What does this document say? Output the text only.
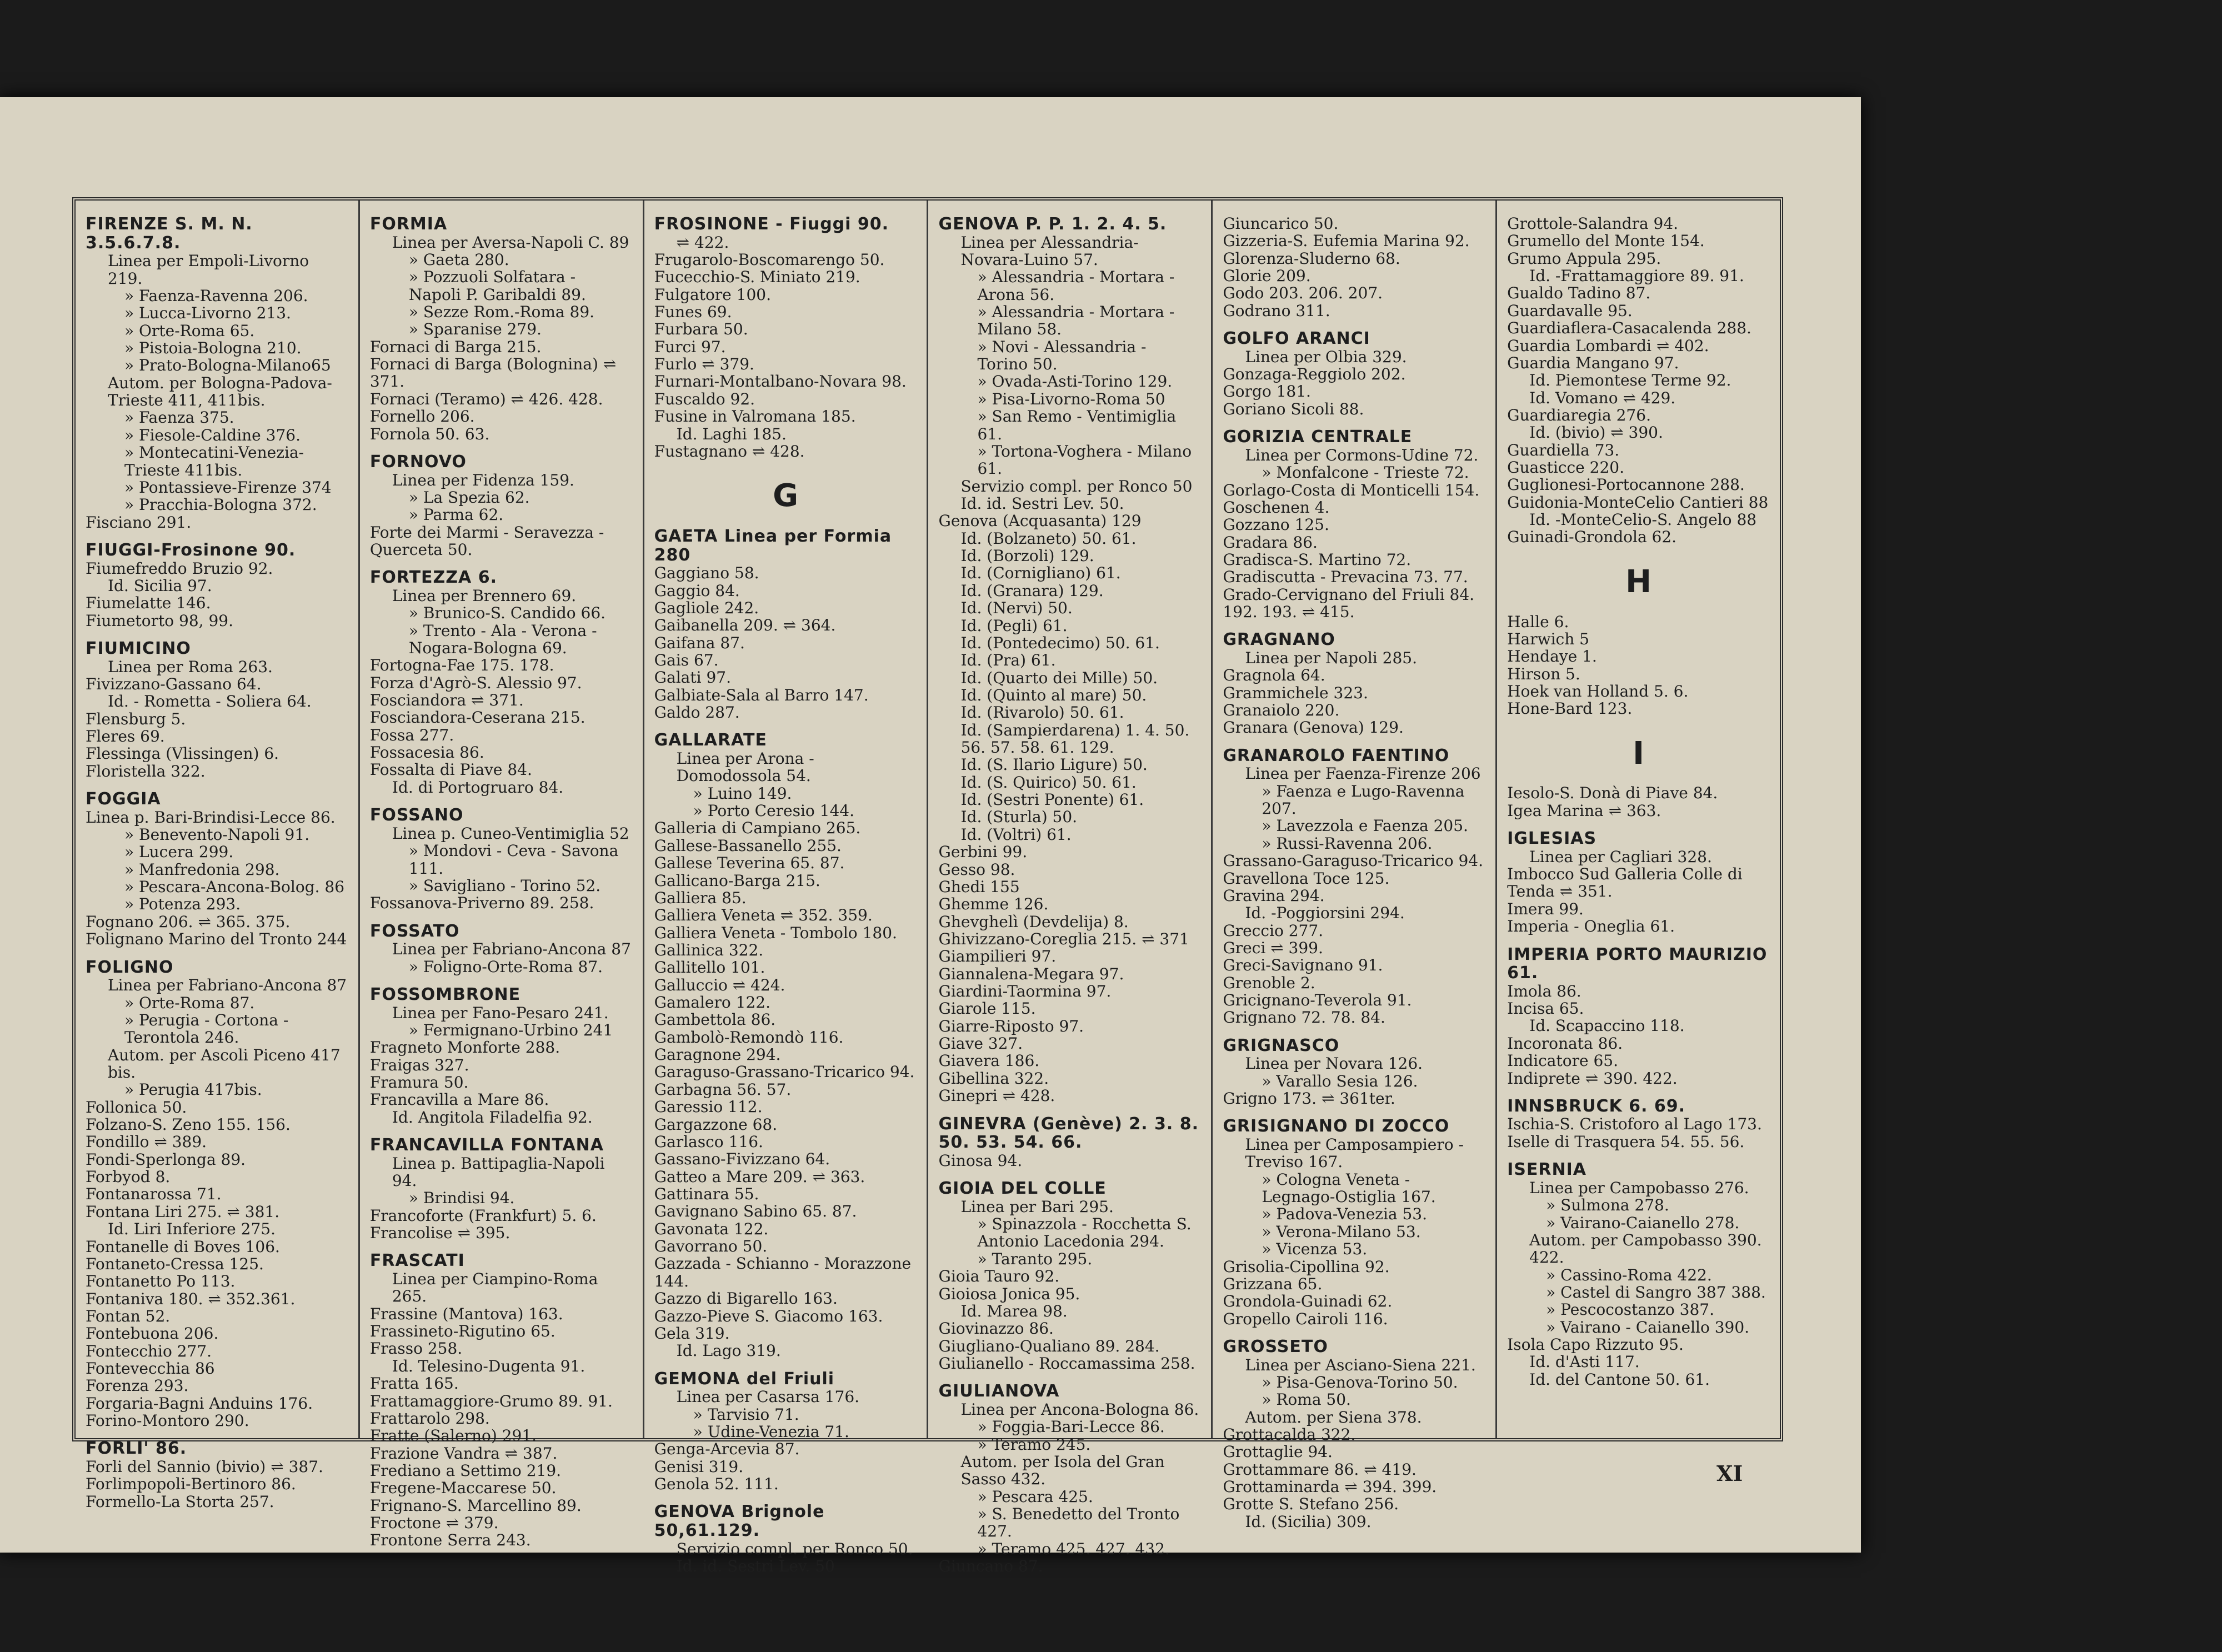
FIRENZE S. M. N. 3.5.6.7.8.
Linea per Empoli-Livorno 219.
» Faenza-Ravenna 206.
» Lucca-Livorno 213.
» Orte-Roma 65.
» Pistoia-Bologna 210.
» Prato-Bologna-Milano65
Autom. per Bologna-Padova-Trieste 411, 411bis.
» Faenza 375.
» Fiesole-Caldine 376.
» Montecatini-Venezia-Trieste 411bis.
» Pontassieve-Firenze 374
» Pracchia-Bologna 372.
Fisciano 291.
FIUGGI-Frosinone 90.
Fiumefreddo Bruzio 92.
Id. Sicilia 97.
Fiumelatte 146.
Fiumetorto 98, 99.
FIUMICINO
Linea per Roma 263.
Fivizzano-Gassano 64.
Id. - Rometta - Soliera 64.
Flensburg 5.
Fleres 69.
Flessinga (Vlissingen) 6.
Floristella 322.
FOGGIA
Linea p. Bari-Brindisi-Lecce 86.
» Benevento-Napoli 91.
» Lucera 299.
» Manfredonia 298.
» Pescara-Ancona-Bolog. 86
» Potenza 293.
Fognano 206. ⇌ 365. 375.
Folignano Marino del Tronto 244
FOLIGNO
Linea per Fabriano-Ancona 87
» Orte-Roma 87.
» Perugia - Cortona - Terontola 246.
Autom. per Ascoli Piceno 417 bis.
» Perugia 417bis.
Follonica 50.
Folzano-S. Zeno 155. 156.
Fondillo ⇌ 389.
Fondi-Sperlonga 89.
Forbyod 8.
Fontanarossa 71.
Fontana Liri 275. ⇌ 381.
Id. Liri Inferiore 275.
Fontanelle di Boves 106.
Fontaneto-Cressa 125.
Fontanetto Po 113.
Fontaniva 180. ⇌ 352.361.
Fontan 52.
Fontebuona 206.
Fontecchio 277.
Fontevecchia 86
Forenza 293.
Forgaria-Bagni Anduins 176.
Forino-Montoro 290.
FORLI' 86.
Forli del Sannio (bivio) ⇌ 387.
Forlimpopoli-Bertinoro 86.
Formello-La Storta 257.
FORMIA
Linea per Aversa-Napoli C. 89
» Gaeta 280.
» Pozzuoli Solfatara - Napoli P. Garibaldi 89.
» Sezze Rom.-Roma 89.
» Sparanise 279.
Fornaci di Barga 215.
Fornaci di Barga (Bolognina) ⇌ 371.
Fornaci (Teramo) ⇌ 426. 428.
Fornello 206.
Fornola 50. 63.
FORNOVO
Linea per Fidenza 159.
» La Spezia 62.
» Parma 62.
Forte dei Marmi - Seravezza - Querceta 50.
FORTEZZA 6.
Linea per Brennero 69.
» Brunico-S. Candido 66.
» Trento - Ala - Verona - Nogara-Bologna 69.
Fortogna-Fae 175. 178.
Forza d'Agrò-S. Alessio 97.
Fosciandora ⇌ 371.
Fosciandora-Ceserana 215.
Fossa 277.
Fossacesia 86.
Fossalta di Piave 84.
Id. di Portogruaro 84.
FOSSANO
Linea p. Cuneo-Ventimiglia 52
» Mondovi - Ceva - Savona 111.
» Savigliano - Torino 52.
Fossanova-Priverno 89. 258.
FOSSATO
Linea per Fabriano-Ancona 87
» Foligno-Orte-Roma 87.
FOSSOMBRONE
Linea per Fano-Pesaro 241.
» Fermignano-Urbino 241
Fragneto Monforte 288.
Fraigas 327.
Framura 50.
Francavilla a Mare 86.
Id. Angitola Filadelfia 92.
FRANCAVILLA FONTANA
Linea p. Battipaglia-Napoli 94.
» Brindisi 94.
Francoforte (Frankfurt) 5. 6.
Francolise ⇌ 395.
FRASCATI
Linea per Ciampino-Roma 265.
Frassine (Mantova) 163.
Frassineto-Rigutino 65.
Frasso 258.
Id. Telesino-Dugenta 91.
Fratta 165.
Frattamaggiore-Grumo 89. 91.
Frattarolo 298.
Fratte (Salerno) 291.
Frazione Vandra ⇌ 387.
Frediano a Settimo 219.
Fregene-Maccarese 50.
Frignano-S. Marcellino 89.
Froctone ⇌ 379.
Frontone Serra 243.
FROSINONE - Fiuggi 90.
⇌ 422.
Frugarolo-Boscomarengo 50.
Fucecchio-S. Miniato 219.
Fulgatore 100.
Funes 69.
Furbara 50.
Furci 97.
Furlo ⇌ 379.
Furnari-Montalbano-Novara 98.
Fuscaldo 92.
Fusine in Valromana 185.
Id. Laghi 185.
Fustagnano ⇌ 428.
G
GAETA Linea per Formia 280
Gaggiano 58.
Gaggio 84.
Gagliole 242.
Gaibanella 209. ⇌ 364.
Gaifana 87.
Gais 67.
Galati 97.
Galbiate-Sala al Barro 147.
Galdo 287.
GALLARATE
Linea per Arona - Domodossola 54.
» Luino 149.
» Porto Ceresio 144.
Galleria di Campiano 265.
Gallese-Bassanello 255.
Gallese Teverina 65. 87.
Gallicano-Barga 215.
Galliera 85.
Galliera Veneta ⇌ 352. 359.
Galliera Veneta - Tombolo 180.
Gallinica 322.
Gallitello 101.
Galluccio ⇌ 424.
Gamalero 122.
Gambettola 86.
Gambolò-Remondò 116.
Garagnone 294.
Garaguso-Grassano-Tricarico 94.
Garbagna 56. 57.
Garessio 112.
Gargazzone 68.
Garlasco 116.
Gassano-Fivizzano 64.
Gatteo a Mare 209. ⇌ 363.
Gattinara 55.
Gavignano Sabino 65. 87.
Gavonata 122.
Gavorrano 50.
Gazzada - Schianno - Morazzone 144.
Gazzo di Bigarello 163.
Gazzo-Pieve S. Giacomo 163.
Gela 319.
Id. Lago 319.
GEMONA del Friuli
Linea per Casarsa 176.
» Tarvisio 71.
» Udine-Venezia 71.
Genga-Arcevia 87.
Genisi 319.
Genola 52. 111.
GENOVA Brignole 50,61.129.
Servizio compl. per Ronco 50.
Id. id. Sestri Lev. 50
GENOVA P. P. 1. 2. 4. 5.
Linea per Alessandria-Novara-Luino 57.
» Alessandria - Mortara - Arona 56.
» Alessandria - Mortara - Milano 58.
» Novi - Alessandria - Torino 50.
» Ovada-Asti-Torino 129.
» Pisa-Livorno-Roma 50
» San Remo - Ventimiglia 61.
» Tortona-Voghera - Milano 61.
Servizio compl. per Ronco 50
Id. id. Sestri Lev. 50.
Genova (Acquasanta) 129
Id. (Bolzaneto) 50. 61.
Id. (Borzoli) 129.
Id. (Cornigliano) 61.
Id. (Granara) 129.
Id. (Nervi) 50.
Id. (Pegli) 61.
Id. (Pontedecimo) 50. 61.
Id. (Pra) 61.
Id. (Quarto dei Mille) 50.
Id. (Quinto al mare) 50.
Id. (Rivarolo) 50. 61.
Id. (Sampierdarena) 1. 4. 50. 56. 57. 58. 61. 129.
Id. (S. Ilario Ligure) 50.
Id. (S. Quirico) 50. 61.
Id. (Sestri Ponente) 61.
Id. (Sturla) 50.
Id. (Voltri) 61.
Gerbini 99.
Gesso 98.
Ghedi 155
Ghemme 126.
Ghevghelì (Devdelija) 8.
Ghivizzano-Coreglia 215. ⇌ 371
Giampilieri 97.
Giannalena-Megara 97.
Giardini-Taormina 97.
Giarole 115.
Giarre-Riposto 97.
Giave 327.
Giavera 186.
Gibellina 322.
Ginepri ⇌ 428.
GINEVRA (Genève) 2. 3. 8. 50. 53. 54. 66.
Ginosa 94.
GIOIA DEL COLLE
Linea per Bari 295.
» Spinazzola - Rocchetta S. Antonio Lacedonia 294.
» Taranto 295.
Gioia Tauro 92.
Gioiosa Jonica 95.
Id. Marea 98.
Giovinazzo 86.
Giugliano-Qualiano 89. 284.
Giulianello - Roccamassima 258.
GIULIANOVA
Linea per Ancona-Bologna 86.
» Foggia-Bari-Lecce 86.
» Teramo 245.
Autom. per Isola del Gran Sasso 432.
» Pescara 425.
» S. Benedetto del Tronto 427.
» Teramo 425. 427. 432.
Giuncano 87.
Giuncarico 50.
Gizzeria-S. Eufemia Marina 92.
Glorenza-Sluderno 68.
Glorie 209.
Godo 203. 206. 207.
Godrano 311.
GOLFO ARANCI
Linea per Olbia 329.
Gonzaga-Reggiolo 202.
Gorgo 181.
Goriano Sicoli 88.
GORIZIA CENTRALE
Linea per Cormons-Udine 72.
» Monfalcone - Trieste 72.
Gorlago-Costa di Monticelli 154.
Goschenen 4.
Gozzano 125.
Gradara 86.
Gradisca-S. Martino 72.
Gradiscutta - Prevacina 73. 77.
Grado-Cervignano del Friuli 84. 192. 193. ⇌ 415.
GRAGNANO
Linea per Napoli 285.
Gragnola 64.
Grammichele 323.
Granaiolo 220.
Granara (Genova) 129.
GRANAROLO FAENTINO
Linea per Faenza-Firenze 206
» Faenza e Lugo-Ravenna 207.
» Lavezzola e Faenza 205.
» Russi-Ravenna 206.
Grassano-Garaguso-Tricarico 94.
Gravellona Toce 125.
Gravina 294.
Id. -Poggiorsini 294.
Greccio 277.
Greci ⇌ 399.
Greci-Savignano 91.
Grenoble 2.
Gricignano-Teverola 91.
Grignano 72. 78. 84.
GRIGNASCO
Linea per Novara 126.
» Varallo Sesia 126.
Grigno 173. ⇌ 361ter.
GRISIGNANO DI ZOCCO
Linea per Camposampiero - Treviso 167.
» Cologna Veneta - Legnago-Ostiglia 167.
» Padova-Venezia 53.
» Verona-Milano 53.
» Vicenza 53.
Grisolia-Cipollina 92.
Grizzana 65.
Grondola-Guinadi 62.
Gropello Cairoli 116.
GROSSETO
Linea per Asciano-Siena 221.
» Pisa-Genova-Torino 50.
» Roma 50.
Autom. per Siena 378.
Grottacalda 322.
Grottaglie 94.
Grottammare 86. ⇌ 419.
Grottaminarda ⇌ 394. 399.
Grotte S. Stefano 256.
Id. (Sicilia) 309.
Grottole-Salandra 94.
Grumello del Monte 154.
Grumo Appula 295.
Id. -Frattamaggiore 89. 91.
Gualdo Tadino 87.
Guardavalle 95.
Guardiaflera-Casacalenda 288.
Guardia Lombardi ⇌ 402.
Guardia Mangano 97.
Id. Piemontese Terme 92.
Id. Vomano ⇌ 429.
Guardiaregia 276.
Id. (bivio) ⇌ 390.
Guardiella 73.
Guasticce 220.
Guglionesi-Portocannone 288.
Guidonia-MonteCelio Cantieri 88
Id. -MonteCelio-S. Angelo 88
Guinadi-Grondola 62.
H
Halle 6.
Harwich 5
Hendaye 1.
Hirson 5.
Hoek van Holland 5. 6.
Hone-Bard 123.
I
Iesolo-S. Donà di Piave 84.
Igea Marina ⇌ 363.
IGLESIAS
Linea per Cagliari 328.
Imbocco Sud Galleria Colle di Tenda ⇌ 351.
Imera 99.
Imperia - Oneglia 61.
IMPERIA PORTO MAURIZIO 61.
Imola 86.
Incisa 65.
Id. Scapaccino 118.
Incoronata 86.
Indicatore 65.
Indiprete ⇌ 390. 422.
INNSBRUCK 6. 69.
Ischia-S. Cristoforo al Lago 173.
Iselle di Trasquera 54. 55. 56.
ISERNIA
Linea per Campobasso 276.
» Sulmona 278.
» Vairano-Caianello 278.
Autom. per Campobasso 390. 422.
» Cassino-Roma 422.
» Castel di Sangro 387 388.
» Pescocostanzo 387.
» Vairano - Caianello 390.
Isola Capo Rizzuto 95.
Id. d'Asti 117.
Id. del Cantone 50. 61.
XI
